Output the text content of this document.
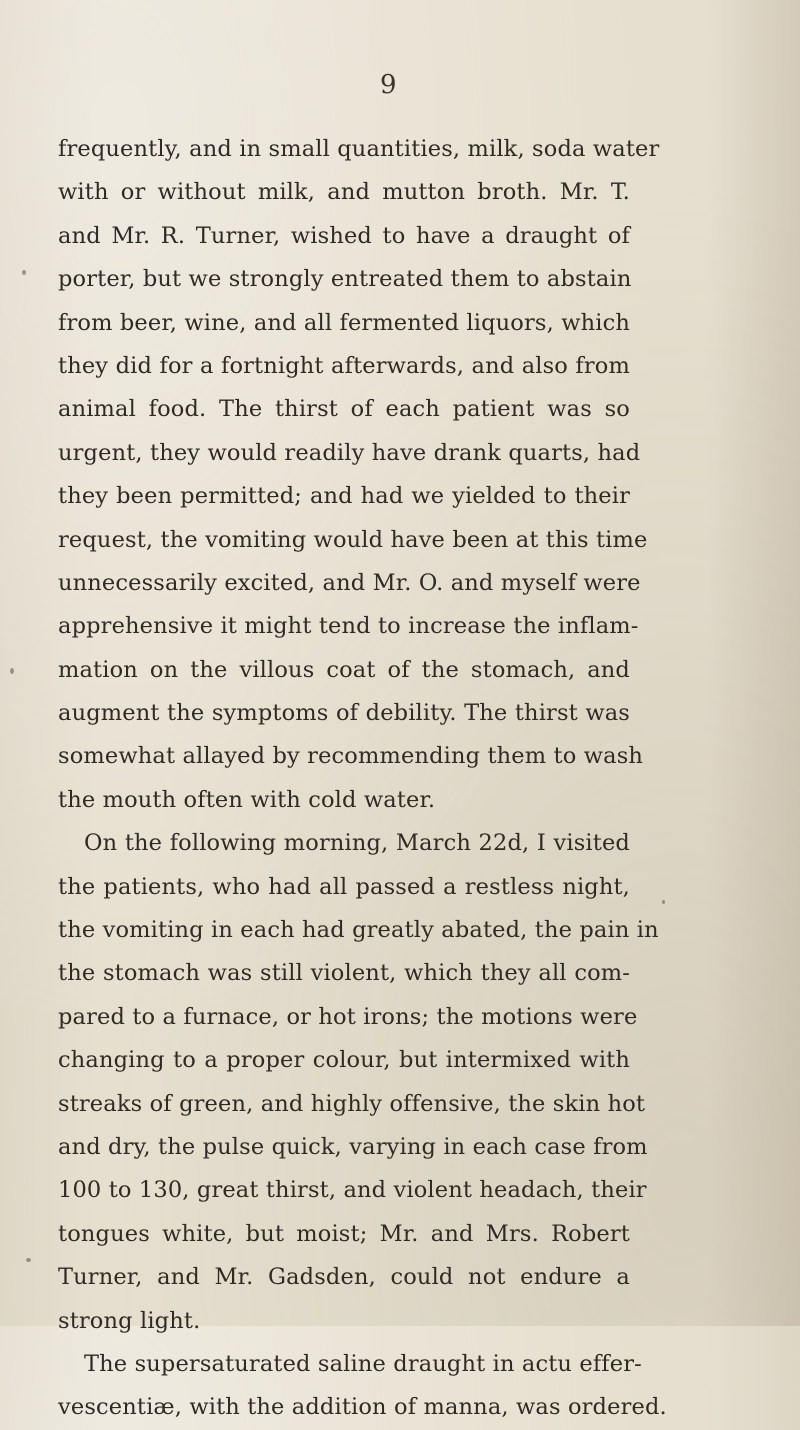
9
frequently, and in small quantities, milk, soda water
with or without milk, and mutton broth. Mr. T.
and Mr. R. Turner, wished to have a draught of
porter, but we strongly entreated them to abstain
from beer, wine, and all fermented liquors, which
they did for a fortnight afterwards, and also from
animal food. The thirst of each patient was so
urgent, they would readily have drank quarts, had
they been permitted; and had we yielded to their
request, the vomiting would have been at this time
unnecessarily excited, and Mr. O. and myself were
apprehensive it might tend to increase the inflam-
mation on the villous coat of the stomach, and
augment the symptoms of debility. The thirst was
somewhat allayed by recommending them to wash
the mouth often with cold water.
On the following morning, March 22d, I visited
the patients, who had all passed a restless night,
the vomiting in each had greatly abated, the pain in
the stomach was still violent, which they all com-
pared to a furnace, or hot irons; the motions were
changing to a proper colour, but intermixed with
streaks of green, and highly offensive, the skin hot
and dry, the pulse quick, varying in each case from
100 to 130, great thirst, and violent headach, their
tongues white, but moist; Mr. and Mrs. Robert
Turner, and Mr. Gadsden, could not endure a
strong light.
The supersaturated saline draught in actu effer-
vescentiæ, with the addition of manna, was ordered.
